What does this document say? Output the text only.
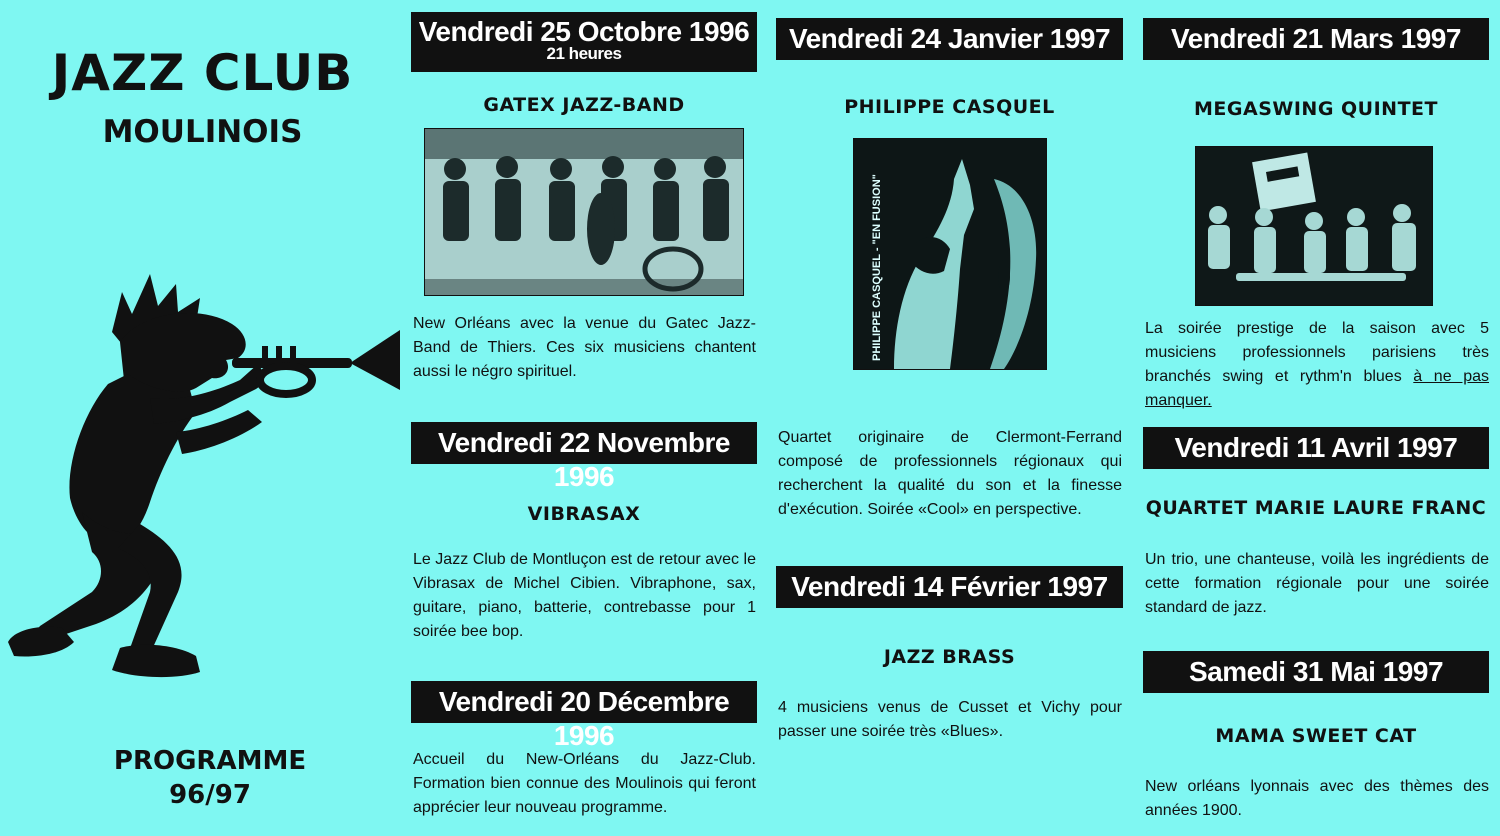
JAZZ CLUB
MOULINOIS
PROGRAMME
96/97
Vendredi 25 Octobre 1996
21 heures
GATEX JAZZ-BAND
New Orléans avec la venue du Gatec Jazz-Band de Thiers. Ces six musiciens chantent aussi le négro spirituel.
Vendredi 22 Novembre 1996
VIBRASAX
Le Jazz Club de Montluçon est de retour avec le Vibrasax de Michel Cibien. Vibraphone, sax, guitare, piano, batterie, contrebasse pour 1 soirée bee bop.
Vendredi 20 Décembre 1996
Accueil du New-Orléans du Jazz-Club. Formation bien connue des Moulinois qui feront apprécier leur nouveau programme.
Vendredi 24 Janvier 1997
PHILIPPE CASQUEL
PHILIPPE CASQUEL - "EN FUSION"
Quartet originaire de Clermont-Ferrand composé de professionnels régionaux qui recherchent la qualité du son et la finesse d'exécution. Soirée «Cool» en perspective.
Vendredi 14 Février 1997
JAZZ BRASS
4 musiciens venus de Cusset et Vichy pour passer une soirée très «Blues».
Vendredi 21 Mars 1997
MEGASWING QUINTET
La soirée prestige de la saison avec 5 musiciens professionnels parisiens très branchés swing et rythm'n blues à ne pas manquer.
Vendredi 11 Avril 1997
QUARTET MARIE LAURE FRANC
Un trio, une chanteuse, voilà les ingrédients de cette formation régionale pour une soirée standard de jazz.
Samedi 31 Mai 1997
MAMA SWEET CAT
New orléans lyonnais avec des thèmes des années 1900.
